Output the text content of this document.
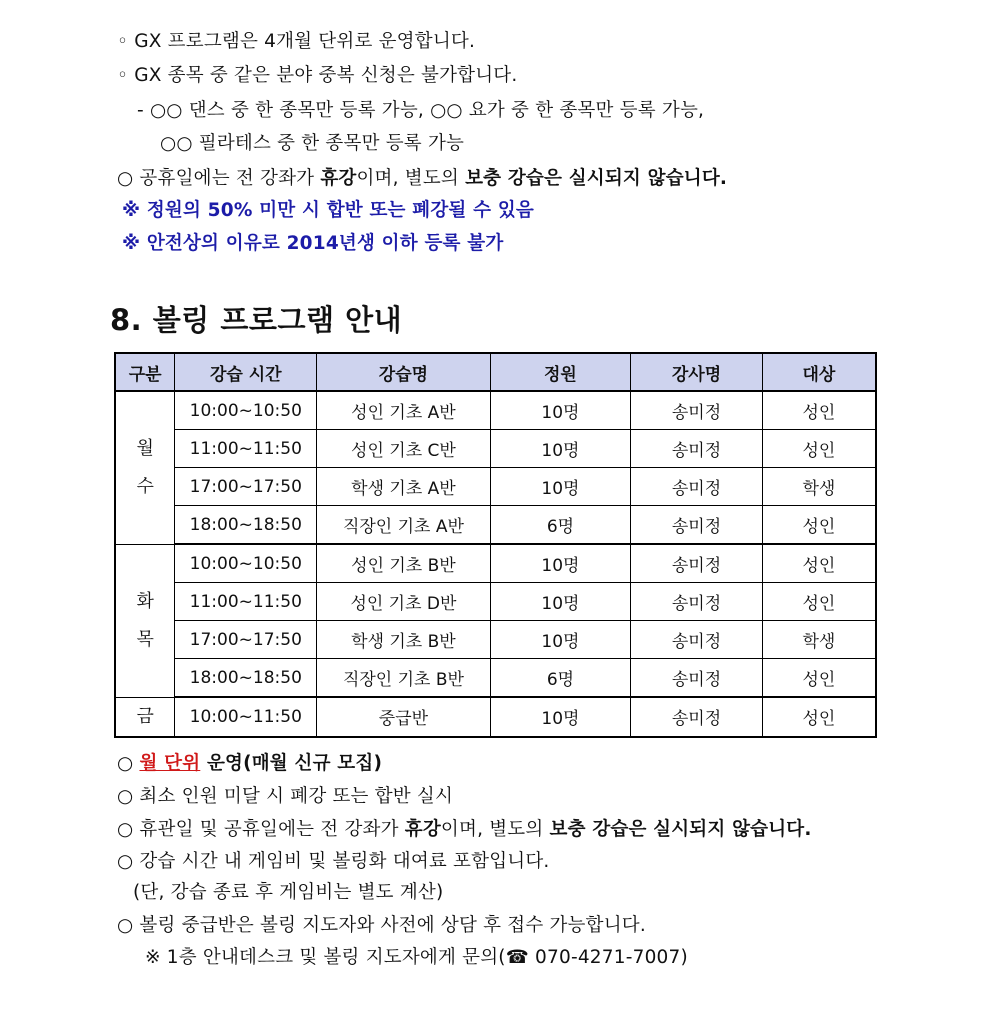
◦ GX 프로그램은 4개월 단위로 운영합니다.
◦ GX 종목 중 같은 분야 중복 신청은 불가합니다.
- ○○ 댄스 중 한 종목만 등록 가능, ○○ 요가 중 한 종목만 등록 가능,
○○ 필라테스 중 한 종목만 등록 가능
○ 공휴일에는 전 강좌가 휴강이며, 별도의 보충 강습은 실시되지 않습니다.
※ 정원의 50% 미만 시 합반 또는 폐강될 수 있음
※ 안전상의 이유로 2014년생 이하 등록 불가
8. 볼링 프로그램 안내
구분	강습 시간	강습명	정원	강사명	대상
월
수	10:00~10:50	성인 기초 A반	10명	송미정	성인
	11:00~11:50	성인 기초 C반	10명	송미정	성인
	17:00~17:50	학생 기초 A반	10명	송미정	학생
	18:00~18:50	직장인 기초 A반	6명	송미정	성인
화
목	10:00~10:50	성인 기초 B반	10명	송미정	성인
	11:00~11:50	성인 기초 D반	10명	송미정	성인
	17:00~17:50	학생 기초 B반	10명	송미정	학생
	18:00~18:50	직장인 기초 B반	6명	송미정	성인
금	10:00~11:50	중급반	10명	송미정	성인
○ 월 단위 운영(매월 신규 모집)
○ 최소 인원 미달 시 폐강 또는 합반 실시
○ 휴관일 및 공휴일에는 전 강좌가 휴강이며, 별도의 보충 강습은 실시되지 않습니다.
○ 강습 시간 내 게임비 및 볼링화 대여료 포함입니다.
(단, 강습 종료 후 게임비는 별도 계산)
○ 볼링 중급반은 볼링 지도자와 사전에 상담 후 접수 가능합니다.
※ 1층 안내데스크 및 볼링 지도자에게 문의(☎ 070-4271-7007)
